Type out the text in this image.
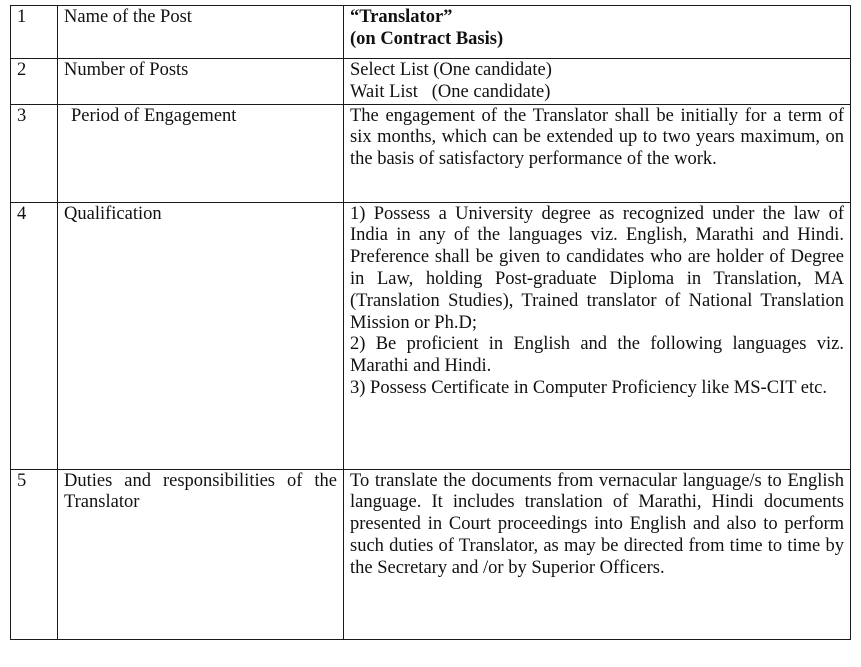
1	Name of the Post	“Translator”
(on Contract Basis)

2	Number of Posts	Select List (One candidate)
Wait List   (One candidate)

3	Period of Engagement	The engagement of the Translator shall be initially for a term of six months, which can be extended up to two years maximum, on the basis of satisfactory performance of the work.

4	Qualification	1) Possess a University degree as recognized under the law of India in any of the languages viz. English, Marathi and Hindi. Preference shall be given to candidates who are holder of Degree in Law, holding Post-graduate Diploma in Translation, MA (Translation Studies), Trained translator of National Translation Mission or Ph.D;
2) Be proficient in English and the following languages viz. Marathi and Hindi.
3) Possess Certificate in Computer Proficiency like MS-CIT etc.

5	Duties and responsibilities of the Translator	To translate the documents from vernacular language/s to English language. It includes translation of Marathi, Hindi documents presented in Court proceedings into English and also to perform such duties of Translator, as may be directed from time to time by the Secretary and /or by Superior Officers.
